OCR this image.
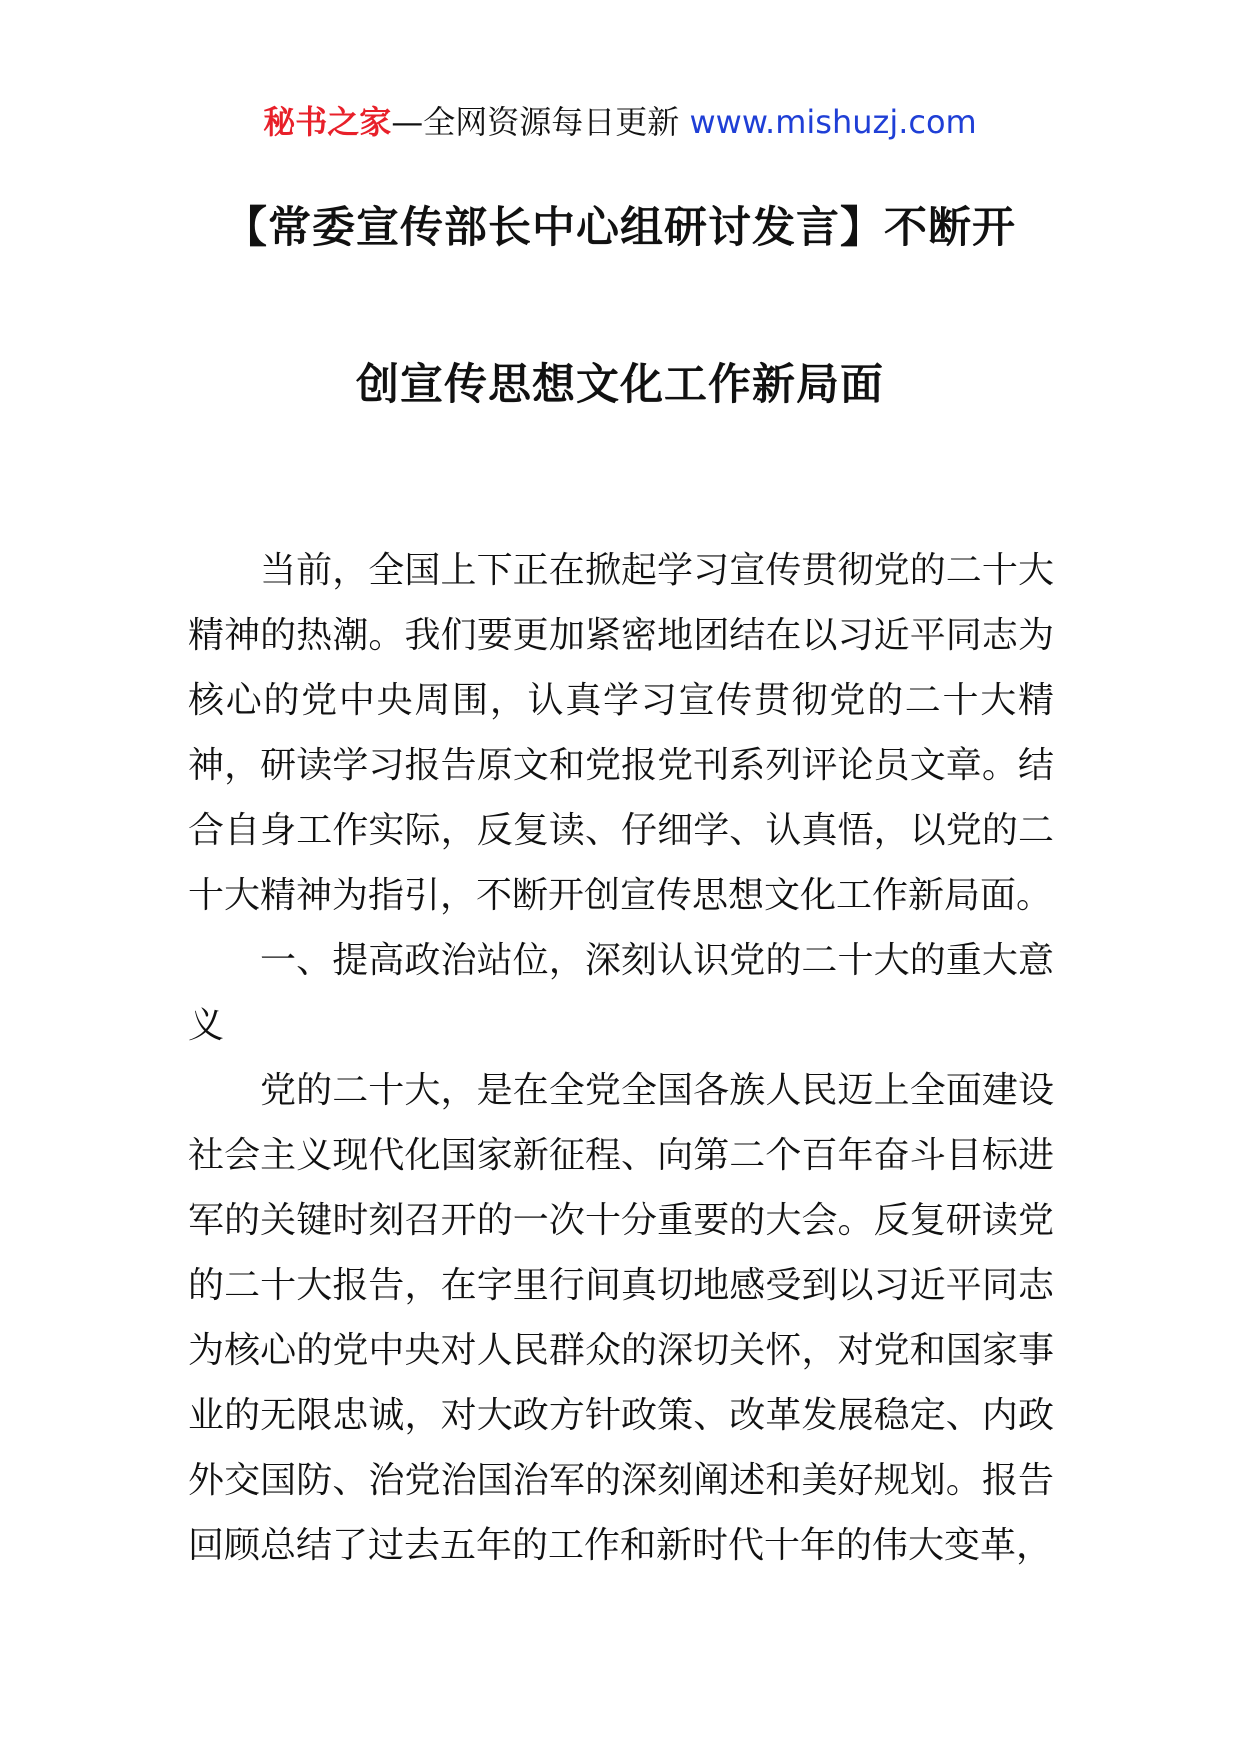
秘书之家—全网资源每日更新 www.mishuzj.com
【常委宣传部长中心组研讨发言】不断开
创宣传思想文化工作新局面

当前，全国上下正在掀起学习宣传贯彻党的二十大精神的热潮。我们要更加紧密地团结在以习近平同志为核心的党中央周围，认真学习宣传贯彻党的二十大精神，研读学习报告原文和党报党刊系列评论员文章。结合自身工作实际，反复读、仔细学、认真悟，以党的二十大精神为指引，不断开创宣传思想文化工作新局面。

一、提高政治站位，深刻认识党的二十大的重大意义

党的二十大，是在全党全国各族人民迈上全面建设社会主义现代化国家新征程、向第二个百年奋斗目标进军的关键时刻召开的一次十分重要的大会。反复研读党的二十大报告，在字里行间真切地感受到以习近平同志为核心的党中央对人民群众的深切关怀，对党和国家事业的无限忠诚，对大政方针政策、改革发展稳定、内政外交国防、治党治国治军的深刻阐述和美好规划。报告回顾总结了过去五年的工作和新时代十年的伟大变革，
